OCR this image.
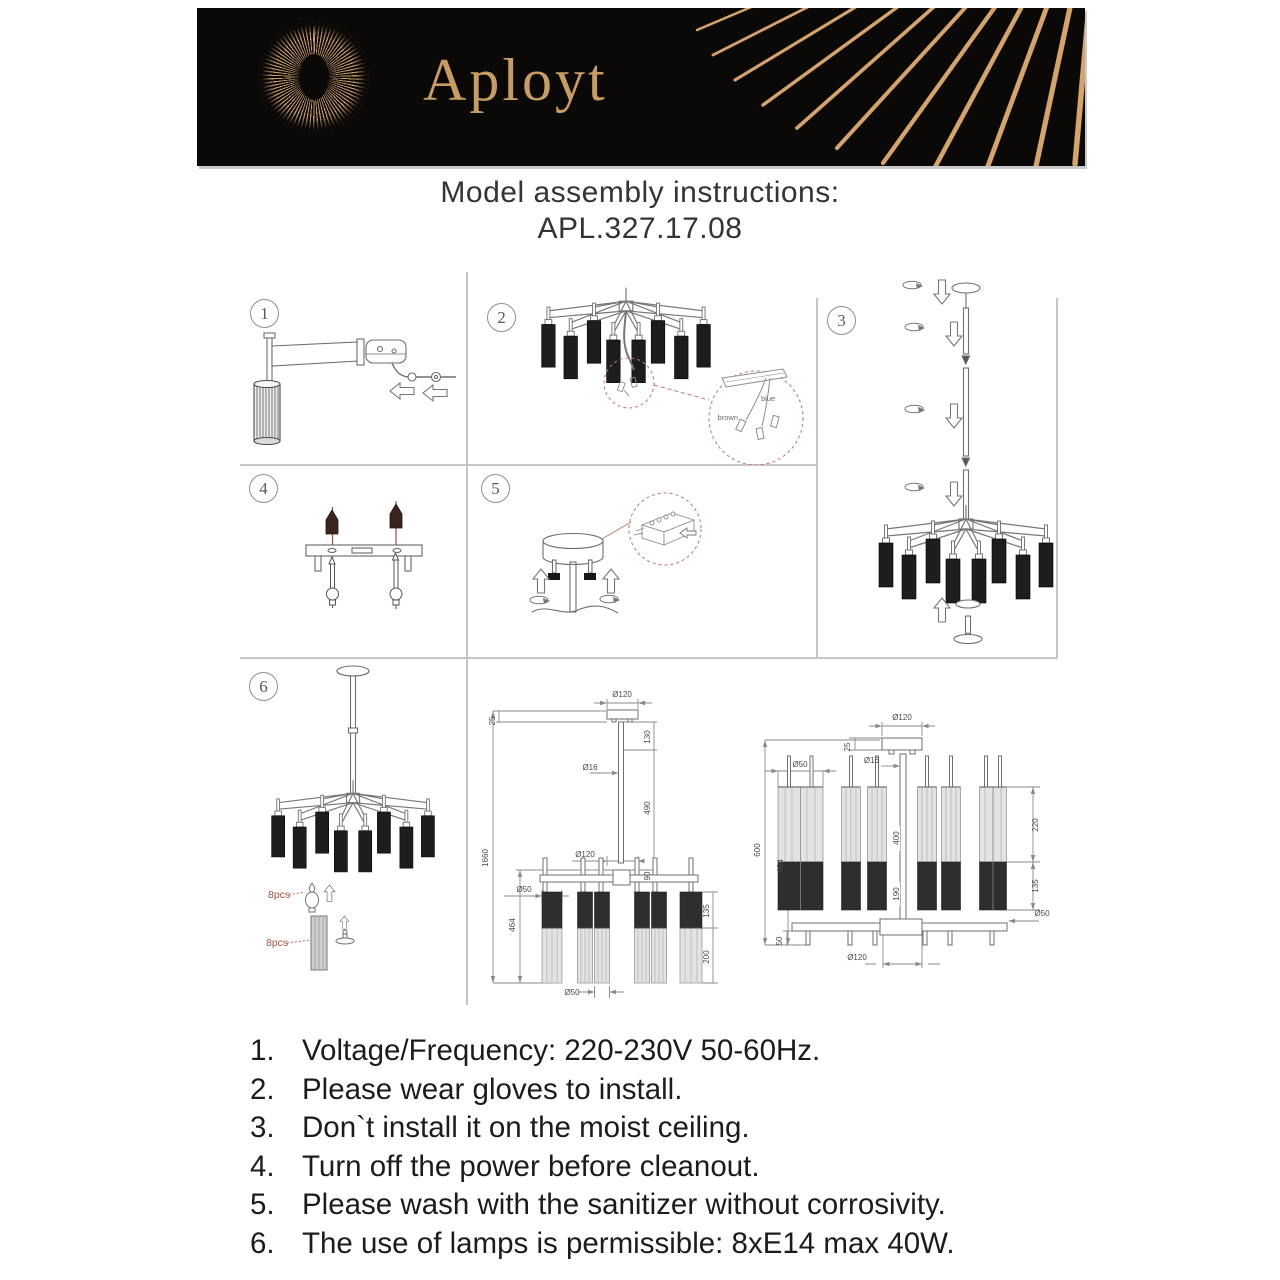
Aployt
Model assembly instructions:
APL.327.17.08
1	2	3
4	5
6
blue
brown
8pcs
8pcs
Ø120
25
1660
130
490
90
Ø16
Ø120
Ø50
464
135
200
Ø50
Ø120
25
Ø16
Ø50
400
600
464
220
135
Ø50
190
Ø120
50
1. Voltage/Frequency: 220-230V 50-60Hz.
2. Please wear gloves to install.
3. Don`t install it on the moist ceiling.
4. Turn off the power before cleanout.
5. Please wash with the sanitizer without corrosivity.
6. The use of lamps is permissible: 8xE14 max 40W.
